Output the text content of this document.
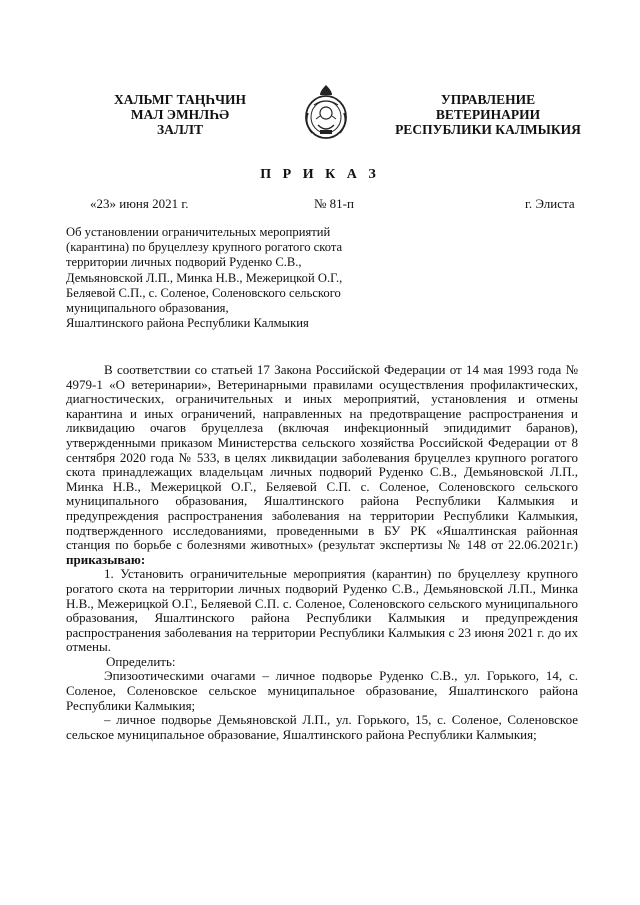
ХАЛЬМГ ТАҢҺЧИН
МАЛ ЭМНЛҺӘ
ЗАЛЛТ
УПРАВЛЕНИЕ
ВЕТЕРИНАРИИ
РЕСПУБЛИКИ КАЛМЫКИЯ
П Р И К А З
«23» июня 2021 г.	№ 81-п	г. Элиста
Об установлении ограничительных мероприятий
(карантина) по бруцеллезу крупного рогатого скота
территории личных подворий Руденко С.В.,
Демьяновской Л.П., Минка Н.В., Межерицкой О.Г.,
Беляевой С.П., с. Соленое, Соленовского сельского
муниципального образования,
Яшалтинского района Республики Калмыкия

В соответствии со статьей 17 Закона Российской Федерации от 14 мая 1993 года № 4979-1 «О ветеринарии», Ветеринарными правилами осуществления профилактических, диагностических, ограничительных и иных мероприятий, установления и отмены карантина и иных ограничений, направленных на предотвращение распространения и ликвидацию очагов бруцеллеза (включая инфекционный эпидидимит баранов), утвержденными приказом Министерства сельского хозяйства Российской Федерации от 8 сентября 2020 года № 533, в целях ликвидации заболевания бруцеллез крупного рогатого скота принадлежащих владельцам личных подворий Руденко С.В., Демьяновской Л.П., Минка Н.В., Межерицкой О.Г., Беляевой С.П. с. Соленое, Соленовского сельского муниципального образования, Яшалтинского района Республики Калмыкия и предупреждения распространения заболевания на территории Республики Калмыкия, подтвержденного исследованиями, проведенными в БУ РК «Яшалтинская районная станция по борьбе с болезнями животных» (результат экспертизы № 148 от 22.06.2021г.) приказываю:

1. Установить ограничительные мероприятия (карантин) по бруцеллезу крупного рогатого скота на территории личных подворий Руденко С.В., Демьяновской Л.П., Минка Н.В., Межерицкой О.Г., Беляевой С.П. с. Соленое, Соленовского сельского муниципального образования, Яшалтинского района Республики Калмыкия и предупреждения распространения заболевания на территории Республики Калмыкия с 23 июня 2021 г. до их отмены.

Определить:

Эпизоотическими очагами – личное подворье Руденко С.В., ул. Горького, 14, с. Соленое, Соленовское сельское муниципальное образование, Яшалтинского района Республики Калмыкия;

– личное подворье Демьяновской Л.П., ул. Горького, 15, с. Соленое, Соленовское сельское муниципальное образование, Яшалтинского района Республики Калмыкия;
